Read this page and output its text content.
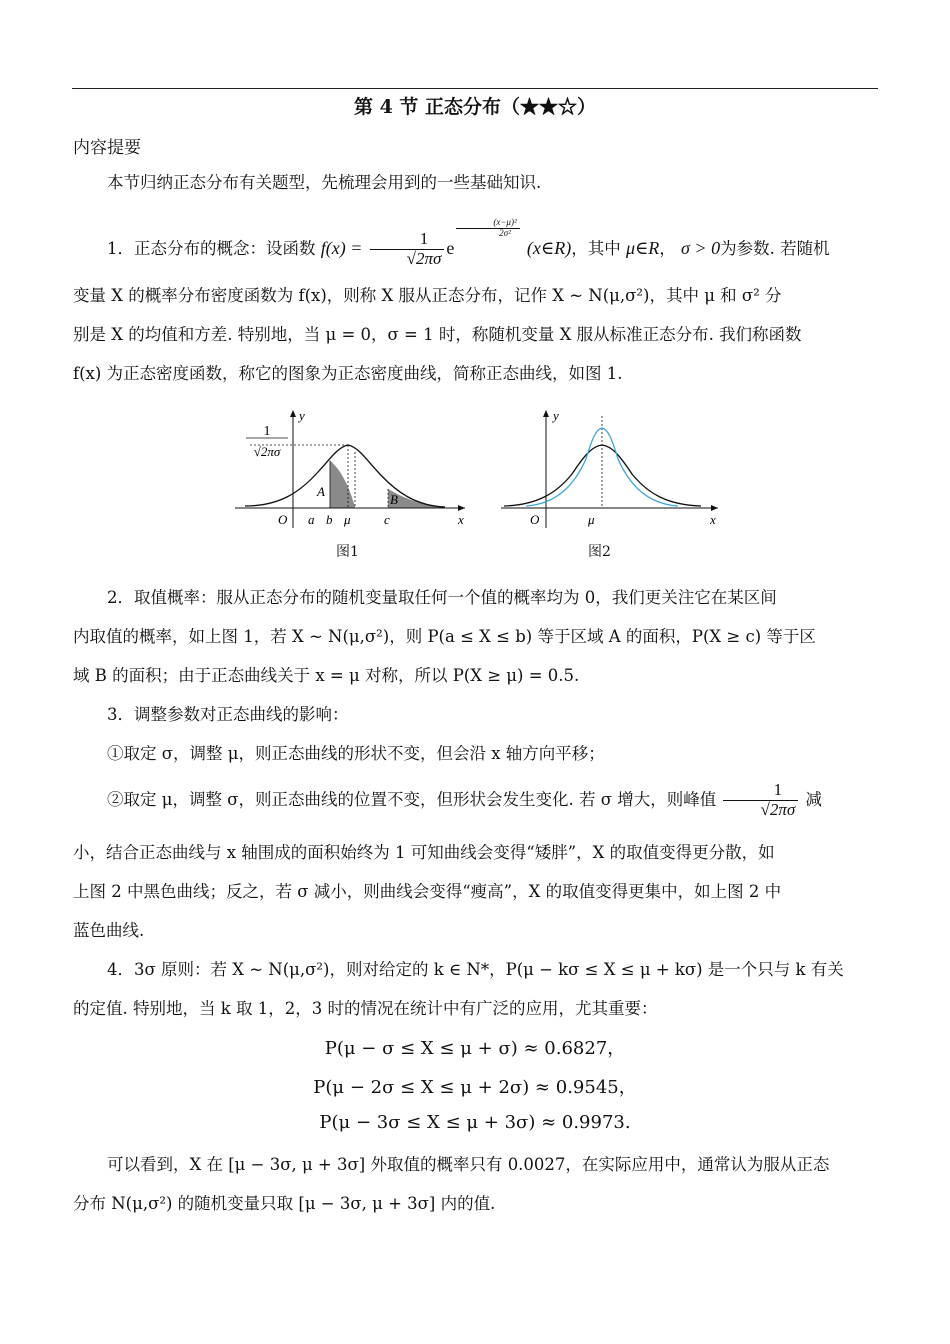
第 4 节 正态分布（★★☆）
内容提要
本节归纳正态分布有关题型，先梳理会用到的一些基础知识.
1．正态分布的概念：设函数 $f(x) = \frac{1}{√2\pi\sigma}$ e
$\frac{\text{(x−μ)²}}{\text{2σ²}}$
(x∈R)，其中 μ∈R， σ > 0为参数. 若随机
变量 X 的概率分布密度函数为 f(x)，则称 X 服从正态分布，记作 X ~ N(μ,σ²)，其中 μ 和 σ² 分
别是 X 的均值和方差. 特别地，当 μ = 0，σ = 1 时，称随机变量 X 服从标准正态分布. 我们称函数
f(x) 为正态密度函数，称它的图象为正态密度曲线，简称正态曲线，如图 1.
1
√2πσ
y
x
O a b μ	c
A
B
图1
y
x
O	μ
图2
2．取值概率：服从正态分布的随机变量取任何一个值的概率均为 0，我们更关注它在某区间
内取值的概率，如上图 1，若 X ~ N(μ,σ²)，则 P(a ≤ X ≤ b) 等于区域 A 的面积，P(X ≥ c) 等于区
域 B 的面积；由于正态曲线关于 x = μ 对称，所以 P(X ≥ μ) = 0.5.
3．调整参数对正态曲线的影响：
①取定 σ，调整 μ，则正态曲线的形状不变，但会沿 x 轴方向平移；
②取定 μ，调整 σ，则正态曲线的位置不变，但形状会发生变化. 若 σ 增大，则峰值 $\frac{1}{√2\pi\sigma}$ 减
小，结合正态曲线与 x 轴围成的面积始终为 1 可知曲线会变得“矮胖”，X 的取值变得更分散，如
上图 2 中黑色曲线；反之，若 σ 减小，则曲线会变得“瘦高”，X 的取值变得更集中，如上图 2 中
蓝色曲线.
4．3σ 原则：若 X ~ N(μ,σ²)，则对给定的 k ∈ N*，P(μ − kσ ≤ X ≤ μ + kσ) 是一个只与 k 有关
的定值. 特别地，当 k 取 1，2，3 时的情况在统计中有广泛的应用，尤其重要：
P(μ − σ ≤ X ≤ μ + σ) ≈ 0.6827，
P(μ − 2σ ≤ X ≤ μ + 2σ) ≈ 0.9545，
P(μ − 3σ ≤ X ≤ μ + 3σ) ≈ 0.9973.
可以看到，X 在 [μ − 3σ, μ + 3σ] 外取值的概率只有 0.0027，在实际应用中，通常认为服从正态
分布 N(μ,σ²) 的随机变量只取 [μ − 3σ, μ + 3σ] 内的值.
